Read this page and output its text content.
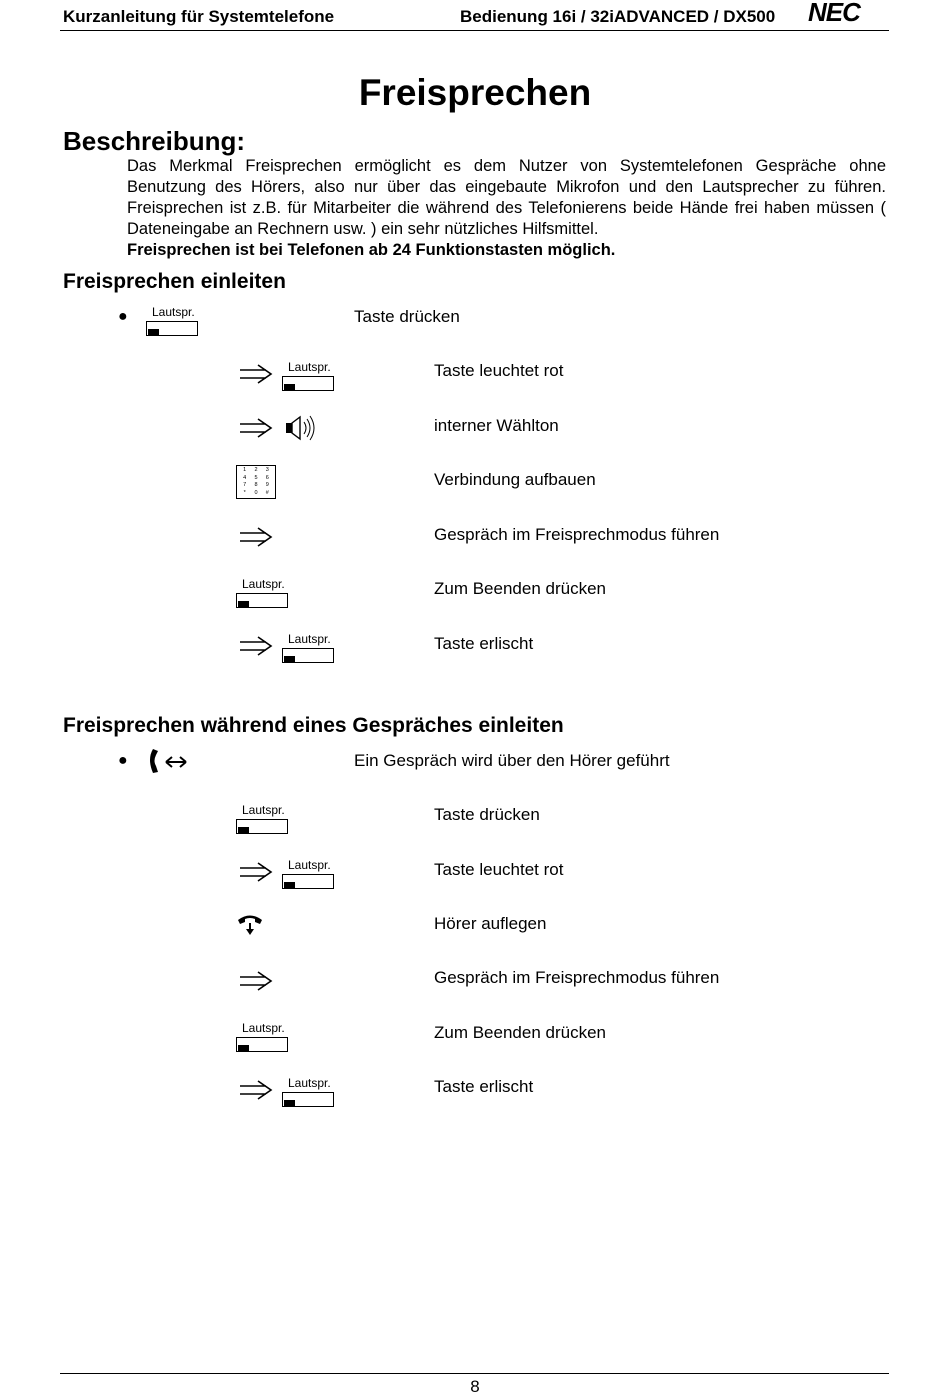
Kurzanleitung für Systemtelefone	Bedienung 16i / 32iADVANCED / DX500 NEC
Freisprechen
Beschreibung:

Das Merkmal Freisprechen ermöglicht es dem Nutzer von Systemtelefonen Gespräche ohne Benutzung des Hörers, also nur über das eingebaute Mikrofon und den Lautsprecher zu führen. Freisprechen ist z.B. für Mitarbeiter die während des Telefonierens beide Hände frei haben müssen ( Dateneingabe an Rechnern usw. ) ein sehr nützliches Hilfsmittel.

Freisprechen ist bei Telefonen ab 24 Funktionstasten möglich.

Freisprechen einleiten
● Lautspr.	Taste drücken
Lautspr.	Taste leuchtet rot
interner Wählton
1	2	3
4	5	6
7	8	9
*	0	#
Verbindung aufbauen
Gespräch im Freisprechmodus führen
Lautspr.	Zum Beenden drücken
Lautspr.	Taste erlischt
Freisprechen während eines Gespräches einleiten
●	Ein Gespräch wird über den Hörer geführt
Lautspr.	Taste drücken
Lautspr.	Taste leuchtet rot
Hörer auflegen
Gespräch im Freisprechmodus führen
Lautspr.	Zum Beenden drücken
Lautspr.	Taste erlischt
8
